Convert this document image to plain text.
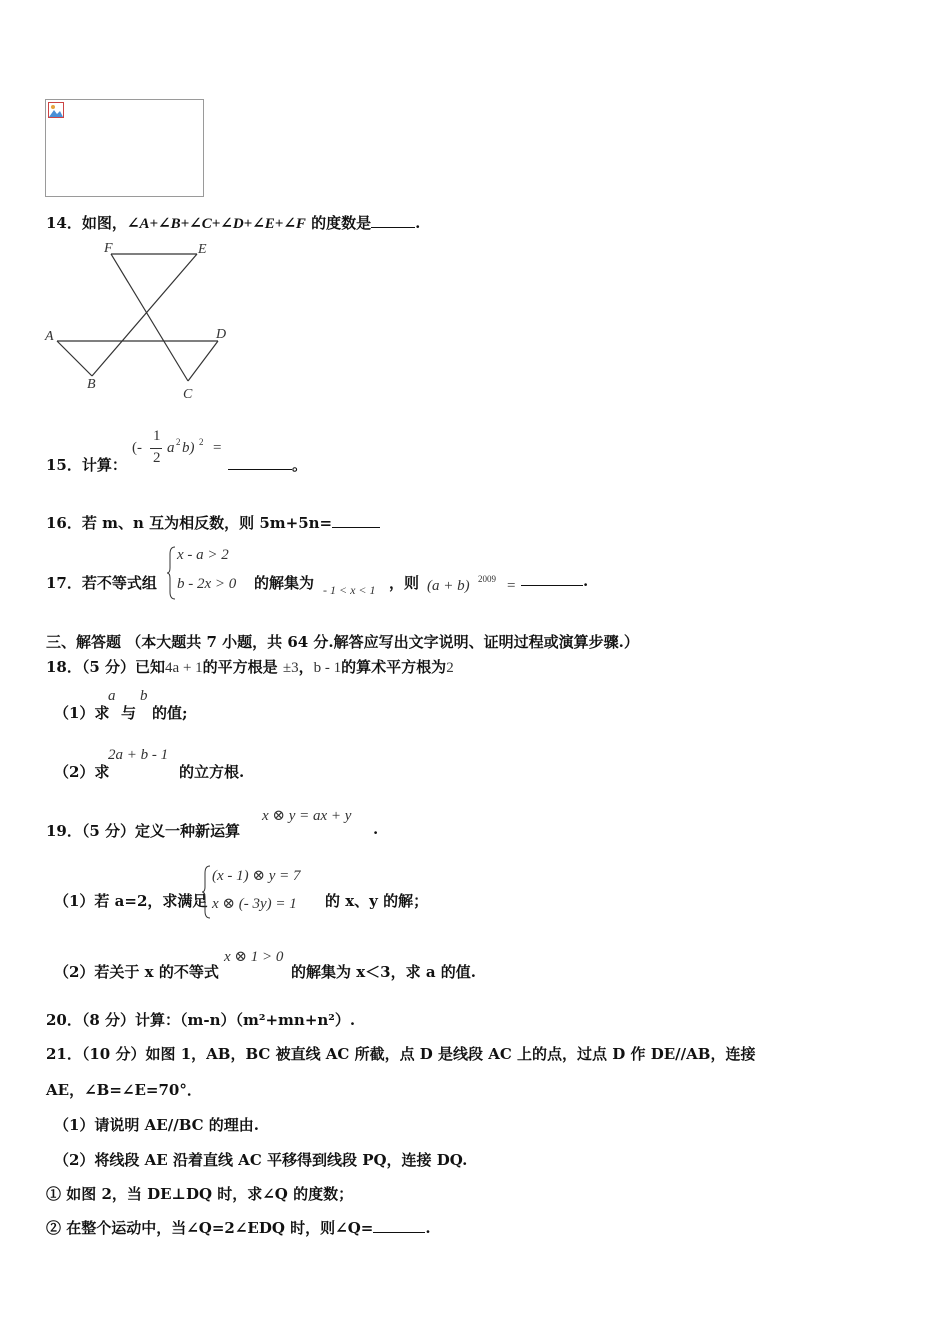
14．如图，∠A+∠B+∠C+∠D+∠E+∠F 的度数是	.
F	E
A	D
B
C
15．计算：
(-
1
2
a 2 b) 2 =
。
16．若 m、n 互为相反数，则 5m+5n=
17．若不等式组
x - a > 2
b - 2x > 0 的解集为 - 1 < x < 1 ，则 (a + b) 2009 =	.
三、解答题 （本大题共 7 小题，共 64 分.解答应写出文字说明、证明过程或演算步骤.）
18．（5 分）已知4a + 1的平方根是 ±3，b - 1的算术平方根为2
（1）求
a
与
b
的值;
（2）求
2a + b - 1
的立方根.
19．（5 分）定义一种新运算
x ⊗ y = ax + y
.
（1）若 a=2，求满足
(x - 1) ⊗ y = 7
x ⊗ (- 3y) = 1 的 x、y 的解；
（2）若关于 x 的不等式
x ⊗ 1 > 0
的解集为 x＜3，求 a 的值.
20．（8 分）计算：（m-n）（m²+mn+n²）.
21．（10 分）如图 1，AB，BC 被直线 AC 所截，点 D 是线段 AC 上的点，过点 D 作 DE//AB，连接
AE，∠B=∠E=70°．
（1）请说明 AE//BC 的理由.
（2）将线段 AE 沿着直线 AC 平移得到线段 PQ，连接 DQ.
① 如图 2，当 DE⊥DQ 时，求∠Q 的度数；
② 在整个运动中，当∠Q=2∠EDQ 时，则∠Q=	.
